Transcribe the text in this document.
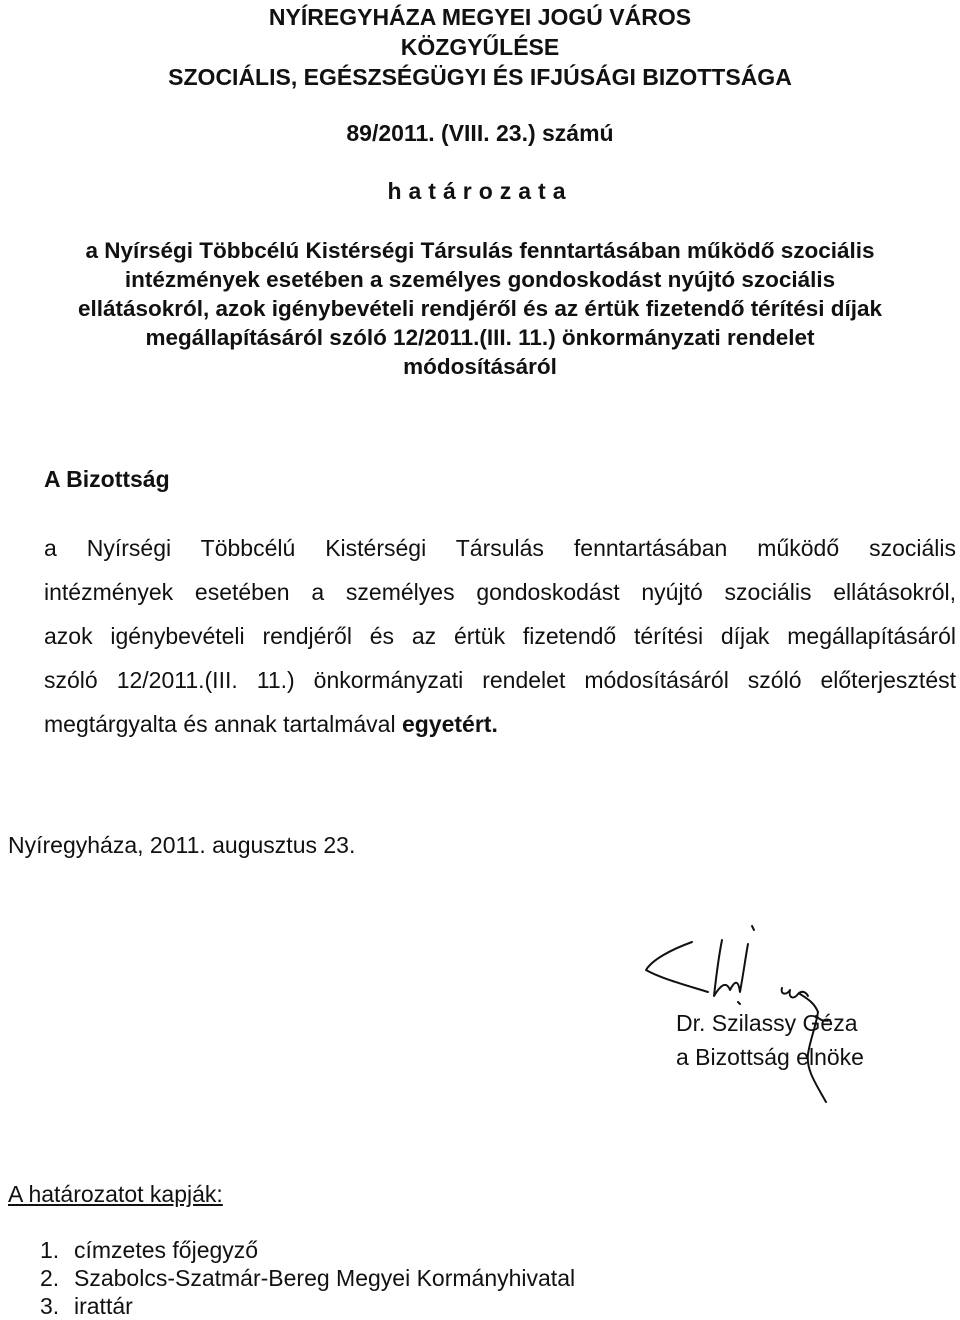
NYÍREGYHÁZA MEGYEI JOGÚ VÁROS
KÖZGYŰLÉSE
SZOCIÁLIS, EGÉSZSÉGÜGYI ÉS IFJÚSÁGI BIZOTTSÁGA
89/2011. (VIII. 23.) számú
határozata
a Nyírségi Többcélú Kistérségi Társulás fenntartásában működő szociális
intézmények esetében a személyes gondoskodást nyújtó szociális
ellátásokról, azok igénybevételi rendjéről és az értük fizetendő térítési díjak
megállapításáról szóló 12/2011.(III. 11.) önkormányzati rendelet
módosításáról
A Bizottság
a Nyírségi Többcélú Kistérségi Társulás fenntartásában működő szociális
intézmények esetében a személyes gondoskodást nyújtó szociális ellátásokról,
azok igénybevételi rendjéről és az értük fizetendő térítési díjak megállapításáról
szóló 12/2011.(III. 11.) önkormányzati rendelet módosításáról szóló előterjesztést
megtárgyalta és annak tartalmával egyetért.
Nyíregyháza, 2011. augusztus 23.
Dr. Szilassy Géza
a Bizottság elnöke
A határozatot kapják:
1. címzetes főjegyző
2. Szabolcs-Szatmár-Bereg Megyei Kormányhivatal
3. irattár
